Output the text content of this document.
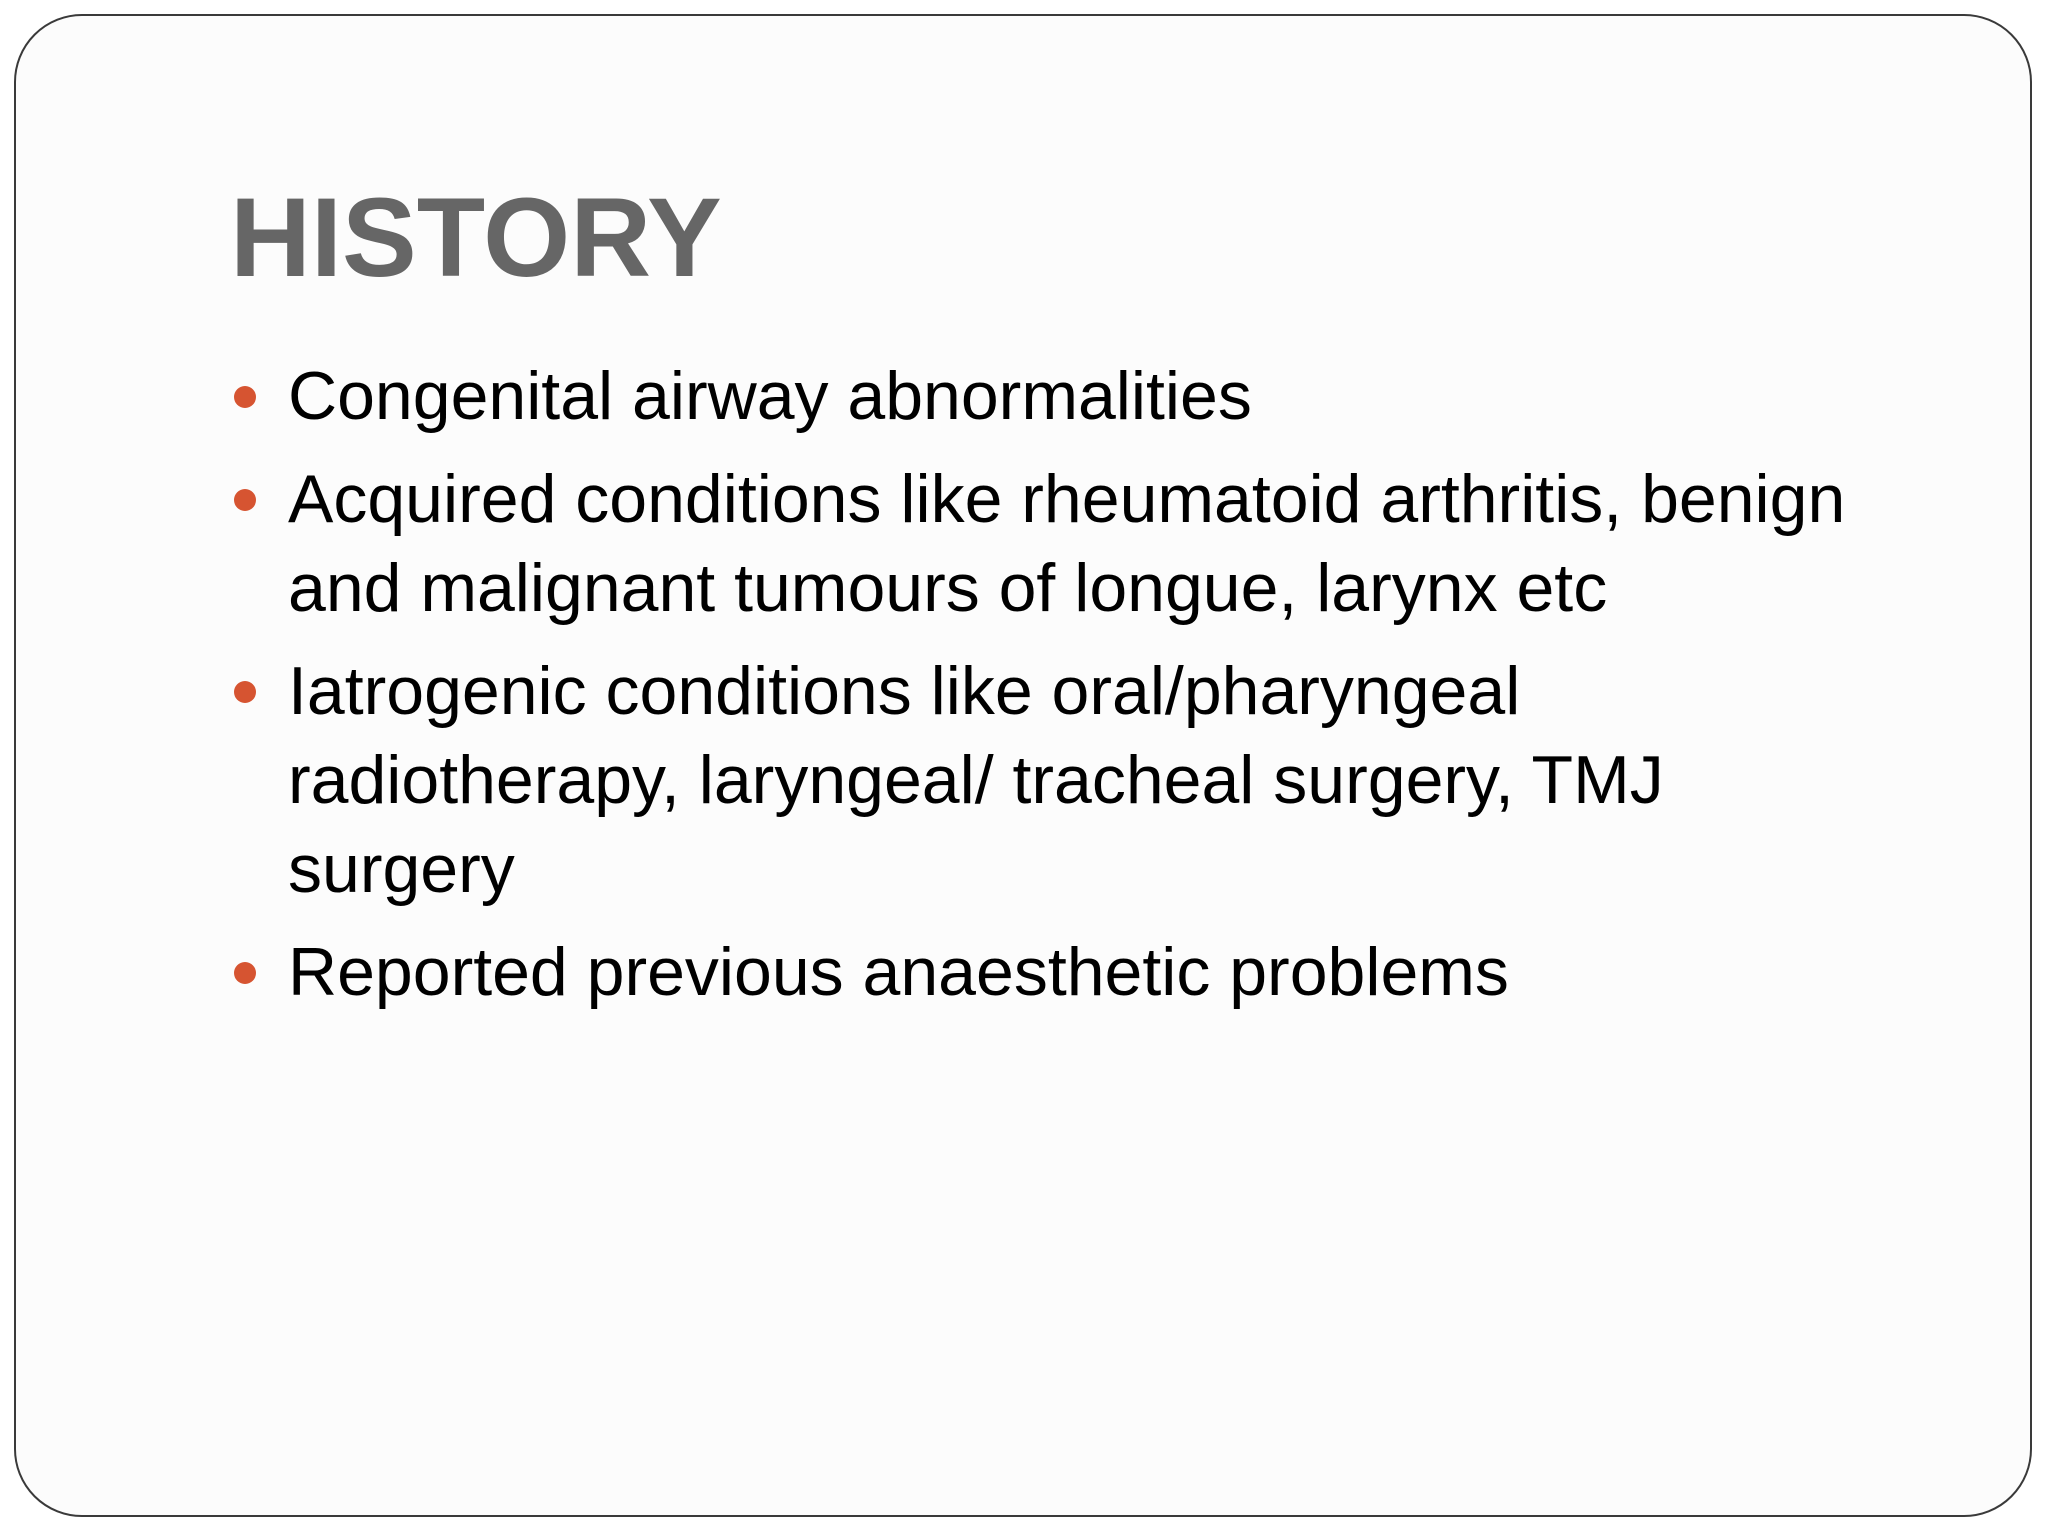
HISTORY
Congenital airway abnormalities
Acquired conditions like rheumatoid arthritis, benign and malignant tumours of longue, larynx etc
Iatrogenic conditions like oral/pharyngeal radiotherapy, laryngeal/ tracheal surgery, TMJ surgery
Reported previous anaesthetic problems
